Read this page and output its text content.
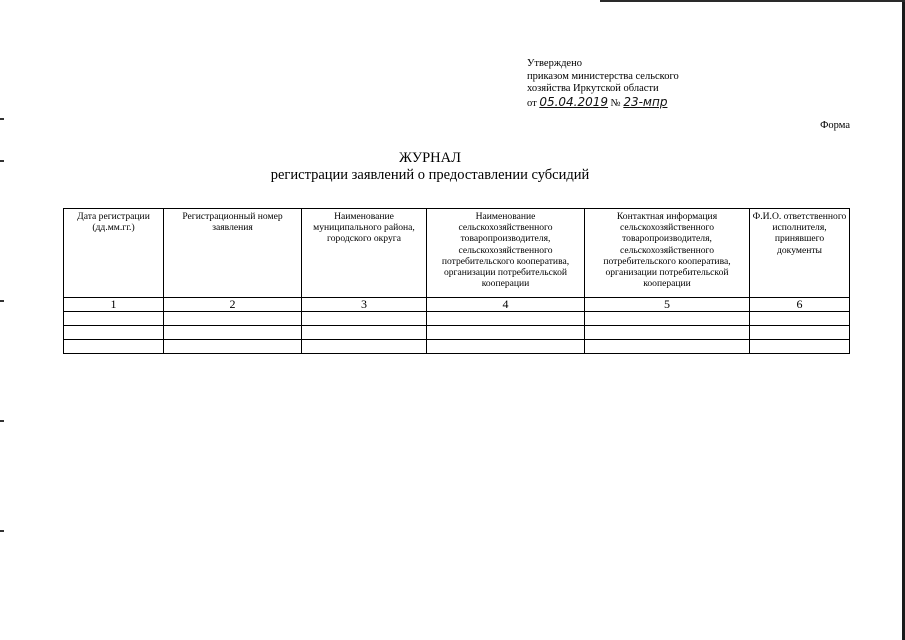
Утверждено
приказом министерства сельского
хозяйства Иркутской области
от 05.04.2019 № 23-мпр
Форма
ЖУРНАЛ
регистрации заявлений о предоставлении субсидий
Дата регистрации (дд.мм.гг.)	Регистрационный номер заявления	Наименование муниципального района, городского округа	Наименование сельскохозяйственного товаропроизводителя, сельскохозяйственного потребительского кооператива, организации потребительской кооперации	Контактная информация сельскохозяйственного товаропроизводителя, сельскохозяйственного потребительского кооператива, организации потребительской кооперации	Ф.И.О. ответственного исполнителя, принявшего документы
1	2	3	4	5	6
